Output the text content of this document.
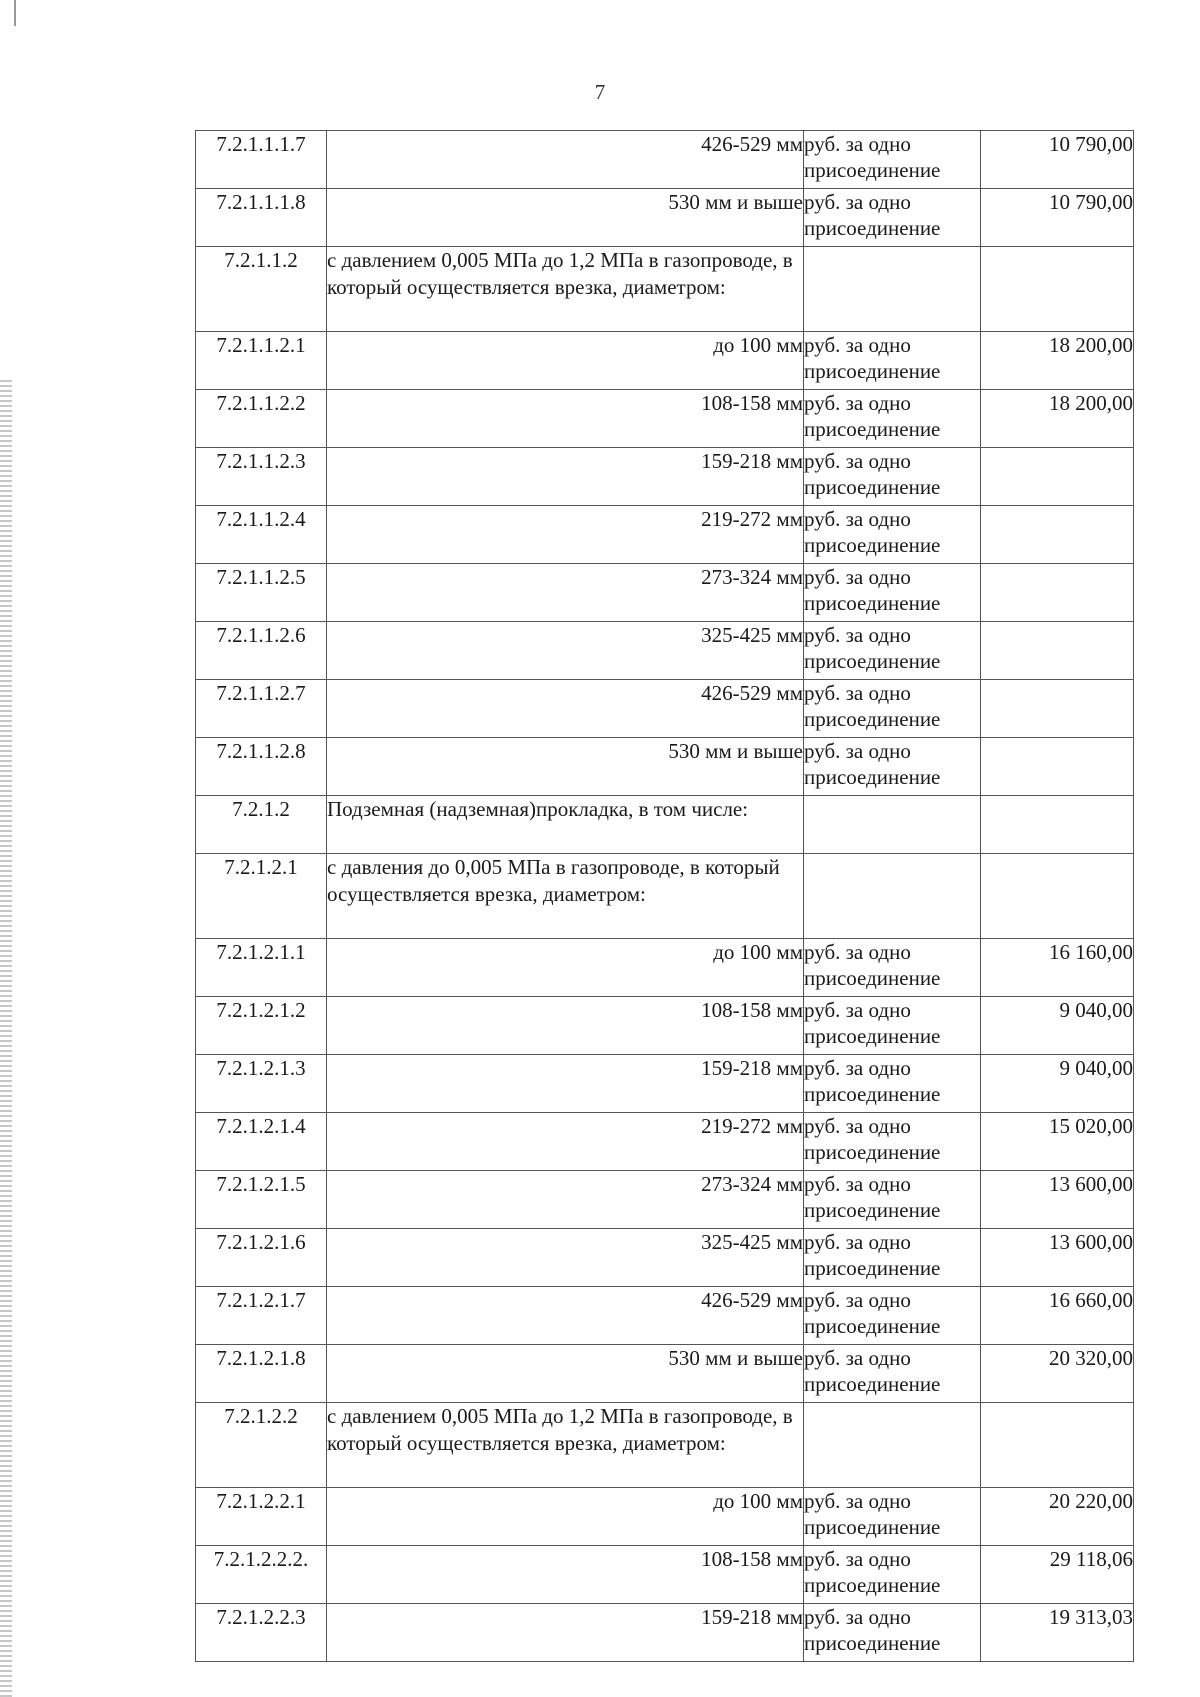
7
7.2.1.1.1.7	426-529 мм	руб. за одно присоединение	10 790,00
7.2.1.1.1.8	530 мм и выше	руб. за одно присоединение	10 790,00
7.2.1.1.2	с давлением 0,005 МПа до 1,2 МПа в газопроводе, в который осуществляется врезка, диаметром:		
7.2.1.1.2.1	до 100 мм	руб. за одно присоединение	18 200,00
7.2.1.1.2.2	108-158 мм	руб. за одно присоединение	18 200,00
7.2.1.1.2.3	159-218 мм	руб. за одно присоединение	
7.2.1.1.2.4	219-272 мм	руб. за одно присоединение	
7.2.1.1.2.5	273-324 мм	руб. за одно присоединение	
7.2.1.1.2.6	325-425 мм	руб. за одно присоединение	
7.2.1.1.2.7	426-529 мм	руб. за одно присоединение	
7.2.1.1.2.8	530 мм и выше	руб. за одно присоединение	
7.2.1.2	Подземная (надземная)прокладка, в том числе:		
7.2.1.2.1	с давления до 0,005 МПа в газопроводе, в который осуществляется врезка, диаметром:		
7.2.1.2.1.1	до 100 мм	руб. за одно присоединение	16 160,00
7.2.1.2.1.2	108-158 мм	руб. за одно присоединение	9 040,00
7.2.1.2.1.3	159-218 мм	руб. за одно присоединение	9 040,00
7.2.1.2.1.4	219-272 мм	руб. за одно присоединение	15 020,00
7.2.1.2.1.5	273-324 мм	руб. за одно присоединение	13 600,00
7.2.1.2.1.6	325-425 мм	руб. за одно присоединение	13 600,00
7.2.1.2.1.7	426-529 мм	руб. за одно присоединение	16 660,00
7.2.1.2.1.8	530 мм и выше	руб. за одно присоединение	20 320,00
7.2.1.2.2	с давлением 0,005 МПа до 1,2 МПа в газопроводе, в который осуществляется врезка, диаметром:		
7.2.1.2.2.1	до 100 мм	руб. за одно присоединение	20 220,00
7.2.1.2.2.2.	108-158 мм	руб. за одно присоединение	29 118,06
7.2.1.2.2.3	159-218 мм	руб. за одно присоединение	19 313,03
